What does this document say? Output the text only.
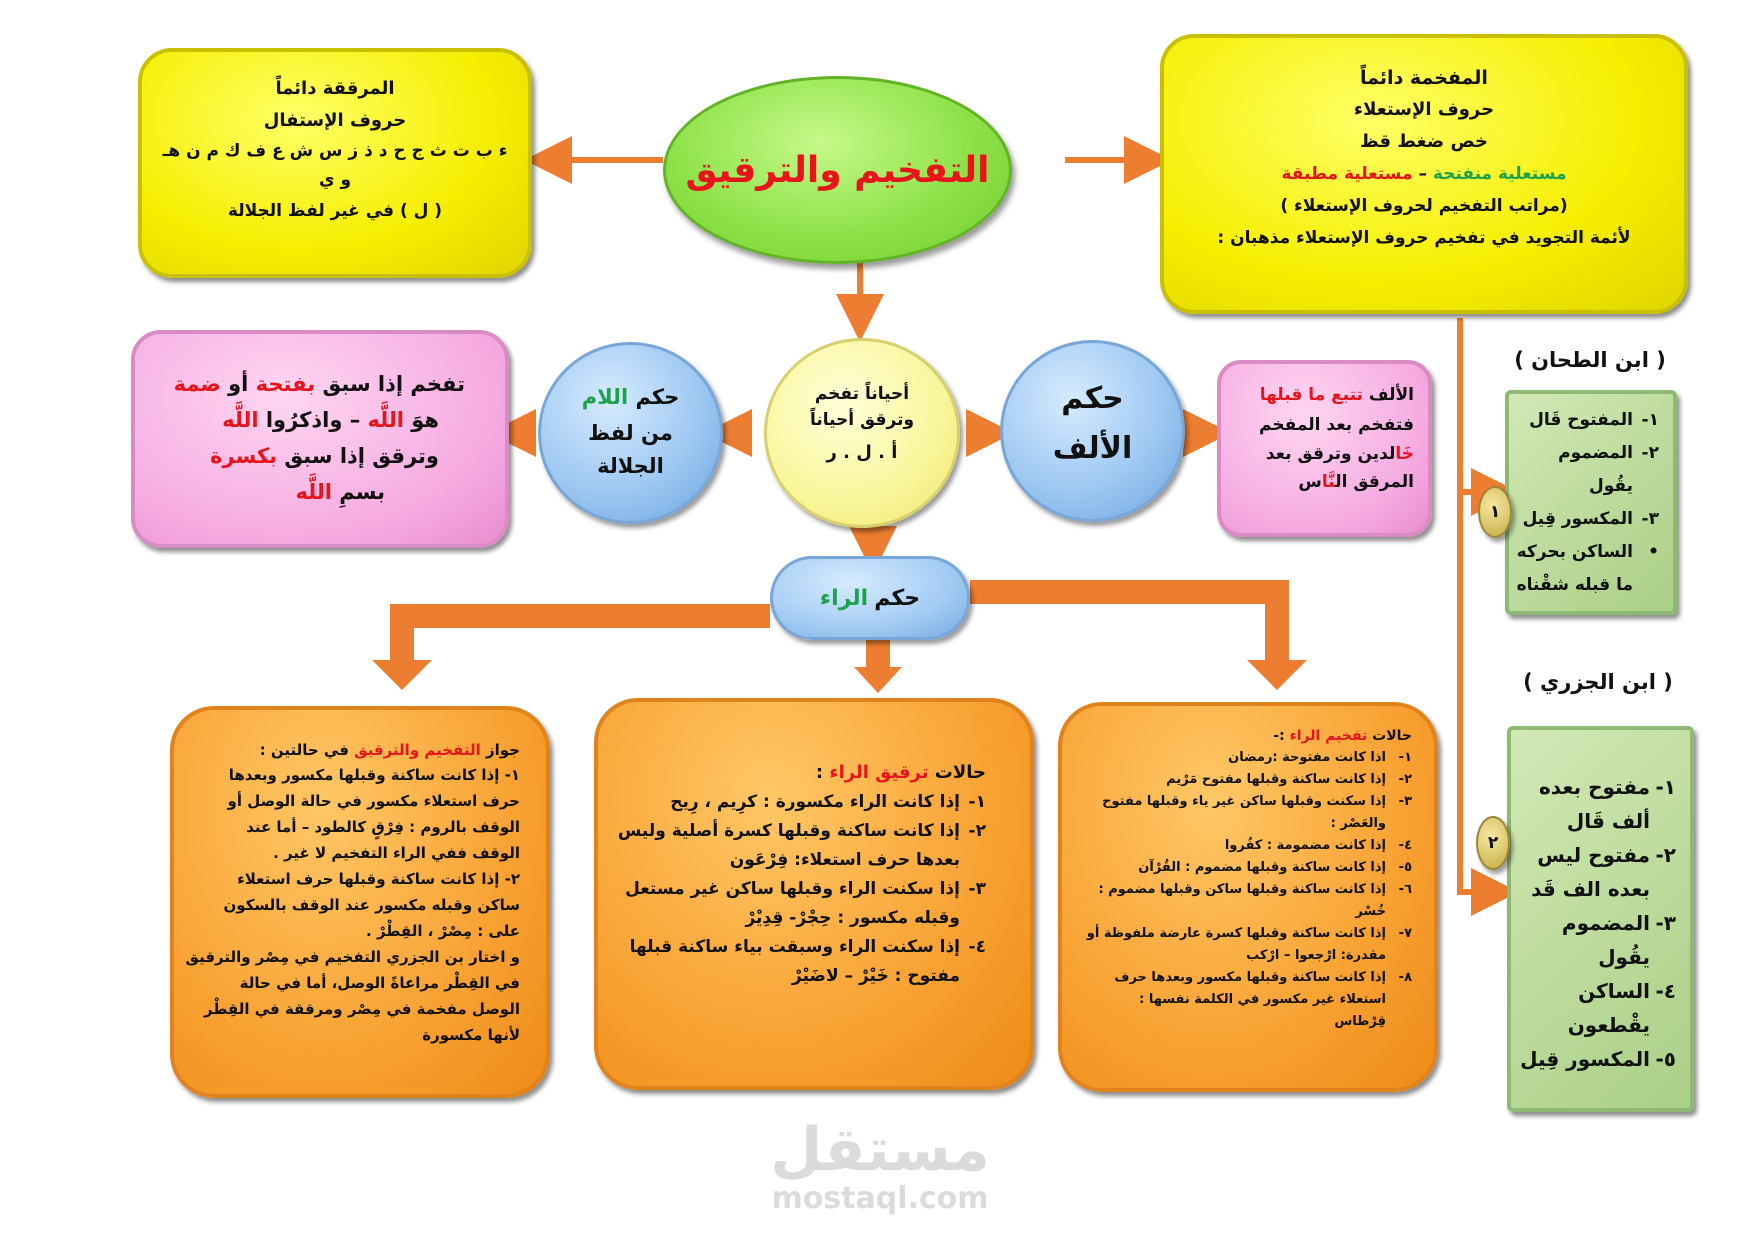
التفخيم والترقيق
المفخمة دائماً
حروف الإستعلاء
خص ضغط قظ
مستعلية منفتحة – مستعلية مطبقة
(مراتب التفخيم لحروف الإستعلاء )
لأئمة التجويد في تفخيم حروف الإستعلاء مذهبان :
المرققة دائماً
حروف الإستفال
ء ب ت ث ج ح د ذ ز س ش ع ف ك م ن هـ
و ي
( ل ) في غير لفظ الجلالة
أحياناً تفخم
وترقق أحياناً
أ . ل . ر
حكم
الألف
الألف تتبع ما قبلها
فتفخم بعد المفخم
خَالدين وترقق بعد
المرقق النَّاس
حكم اللام
من لفظ
الجلالة
تفخم إذا سبق بفتحة أو ضمة
هوَ اللَّه – واذكرُوا اللَّه
وترقق إذا سبق بكسرة
بسمِ اللَّه
حكم
الراء
حالات تفخيم الراء :-
١-اذا كانت مفتوحة :رمضان
٢-إذا كانت ساكنة وقبلها مفتوح مَرْيم
٣-إذا سكنت وقبلها ساكن غير ياء وقبلها مفتوح
والعَصْر :
٤-إذا كانت مضمومة : كفُروا
٥-إذا كانت ساكنة وقبلها مضموم : القُرْآن
٦-إذا كانت ساكنة وقبلها ساكن وقبلها مضموم :
خُسْر
٧-إذا كانت ساكنة وقبلها كسرة عارضة ملفوظة أو
مقدرة: ارْجعوا – ارْكب
٨-إذا كانت ساكنة وقبلها مكسور وبعدها حرف
استعلاء غير مكسور في الكلمة نفسها :
قِرْطاس
حالات ترقيق الراء :
١-إذا كانت الراء مكسورة : كرِيم ، رِيح
٢-إذا كانت ساكنة وقبلها كسرة أصلية وليس
بعدها حرف استعلاء: فِرْعَون
٣-إذا سكنت الراء وقبلها ساكن غير مستعل
وقبله مكسور : حِجْرْ- قِدِيْرْ
٤-إذا سكنت الراء وسبقت بياء ساكنة قبلها
مفتوح : خَيْرْ – لاضَيْرْ
جواز التفخيم والترقيق في حالتين :
١- إذا كانت ساكنة وقبلها مكسور وبعدها
حرف استعلاء مكسور في حالة الوصل أو
الوقف بالروم : فِرْقٍ كالطود – أما عند
الوقف ففي الراء التفخيم لا غير .
٢- إذا كانت ساكنة وقبلها حرف استعلاء
ساكن وقبله مكسور عند الوقف بالسكون
على : مِصْرْ ، القِطْرْ .
و اختار بن الجزري التفخيم في مِصْر والترقيق
في القِطْر مراعاةً الوصل، أما في حالة
الوصل مفخمة في مِصْر ومرققة في القِطْر
لأنها مكسورة
( ابن الطحان )
١-المفتوح قَال
٢-المضموم
يقُول
٣-المكسور قِيل
•الساكن بحركه
ما قبله شقْناه
١
( ابن الجزري )
١-مفتوح بعده
ألف قَال
٢-مفتوح ليس
بعده الف قَد
٣-المضموم
يقُول
٤-الساكن
يقْطعون
٥-المكسور قِيل
٢
مستقل
mostaql.com
